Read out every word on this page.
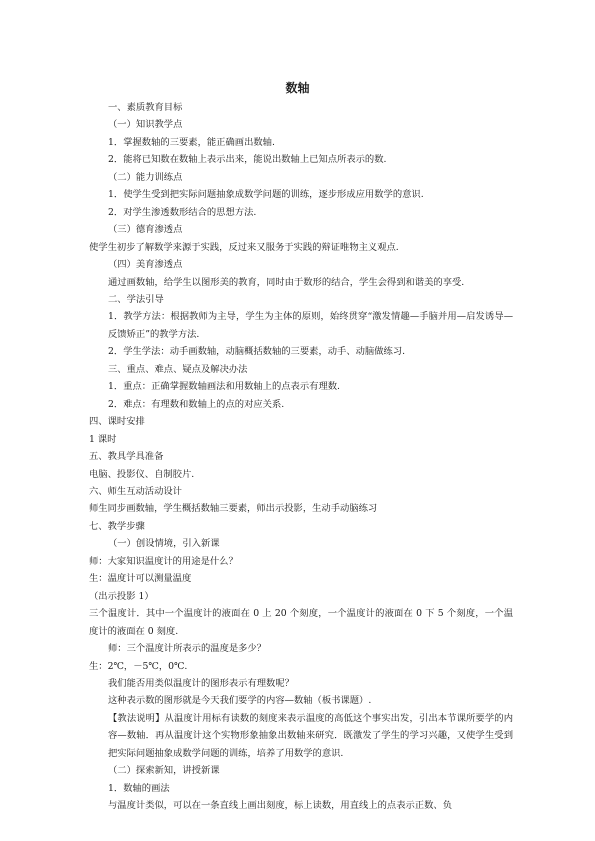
数轴

一、素质教育目标

（一）知识教学点

1．掌握数轴的三要素，能正确画出数轴.

2．能将已知数在数轴上表示出来，能说出数轴上已知点所表示的数.

（二）能力训练点

1．使学生受到把实际问题抽象成数学问题的训练，逐步形成应用数学的意识.

2．对学生渗透数形结合的思想方法.

（三）德育渗透点

使学生初步了解数学来源于实践，反过来又服务于实践的辩证唯物主义观点.

（四）美育渗透点

通过画数轴，给学生以图形美的教育，同时由于数形的结合，学生会得到和谐美的享受.

二、学法引导

1．教学方法：根据教师为主导，学生为主体的原则，始终贯穿“激发情趣—手脑并用—启发诱导—反馈矫正”的教学方法.

2．学生学法：动手画数轴，动脑概括数轴的三要素，动手、动脑做练习.

三、重点、难点、疑点及解决办法

1．重点：正确掌握数轴画法和用数轴上的点表示有理数.

2．难点：有理数和数轴上的点的对应关系.

四、课时安排

1 课时

五、教具学具准备

电脑、投影仪、自制胶片.

六、师生互动活动设计

师生同步画数轴，学生概括数轴三要素，师出示投影，生动手动脑练习

七、教学步骤

（一）创设情境，引入新课

师：大家知识温度计的用途是什么？

生：温度计可以测量温度

（出示投影 1）

三个温度计．其中一个温度计的液面在 0 上 20 个刻度，一个温度计的液面在 0 下 5 个刻度，一个温度计的液面在 0 刻度.

师：三个温度计所表示的温度是多少？

生：2℃，－5℃，0℃.

我们能否用类似温度计的图形表示有理数呢？

这种表示数的图形就是今天我们要学的内容—数轴（板书课题）.

【教法说明】从温度计用标有读数的刻度来表示温度的高低这个事实出发，引出本节课所要学的内容—数轴．再从温度计这个实物形象抽象出数轴来研究．既激发了学生的学习兴趣，又使学生受到把实际问题抽象成数学问题的训练，培养了用数学的意识.

（二）探索新知，讲授新课

1．数轴的画法

与温度计类似，可以在一条直线上画出刻度，标上读数，用直线上的点表示正数、负
